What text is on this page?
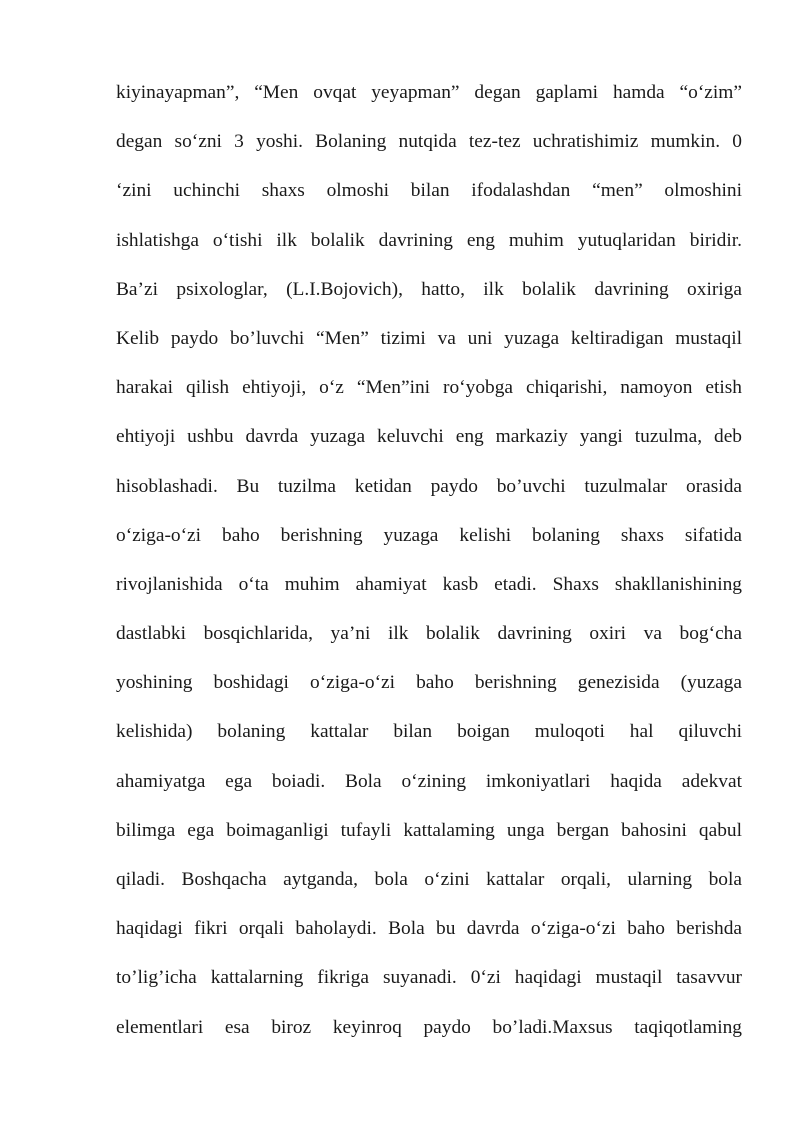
kiyinayapman”, “Men ovqat yeyapman” degan gaplami hamda “o‘zim”
degan so‘zni 3 yoshi. Bolaning nutqida tez-tez uchratishimiz mumkin. 0
‘zini uchinchi shaxs olmoshi bilan ifodalashdan “men” olmoshini
ishlatishga o‘tishi ilk bolalik davrining eng muhim yutuqlaridan biridir.
Ba’zi psixologlar, (L.I.Bojovich), hatto, ilk bolalik davrining oxiriga
Kelib paydo bo’luvchi “Men” tizimi va uni yuzaga keltiradigan mustaqil
harakai qilish ehtiyoji, o‘z “Men”ini ro‘yobga chiqarishi, namoyon etish
ehtiyoji ushbu davrda yuzaga keluvchi eng markaziy yangi tuzulma, deb
hisoblashadi. Bu tuzilma ketidan paydo bo’uvchi tuzulmalar orasida
o‘ziga-o‘zi baho berishning yuzaga kelishi bolaning shaxs sifatida
rivojlanishida o‘ta muhim ahamiyat kasb etadi. Shaxs shakllanishining
dastlabki bosqichlarida, ya’ni ilk bolalik davrining oxiri va bog‘cha
yoshining boshidagi o‘ziga-o‘zi baho berishning genezisida (yuzaga
kelishida) bolaning kattalar bilan boigan muloqoti hal qiluvchi
ahamiyatga ega boiadi. Bola o‘zining imkoniyatlari haqida adekvat
bilimga ega boimaganligi tufayli kattalaming unga bergan bahosini qabul
qiladi. Boshqacha aytganda, bola o‘zini kattalar orqali, ularning bola
haqidagi fikri orqali baholaydi. Bola bu davrda o‘ziga-o‘zi baho berishda
to’lig’icha kattalarning fikriga suyanadi. 0‘zi haqidagi mustaqil tasavvur
elementlari esa biroz keyinroq paydo bo’ladi.Maxsus taqiqotlaming
